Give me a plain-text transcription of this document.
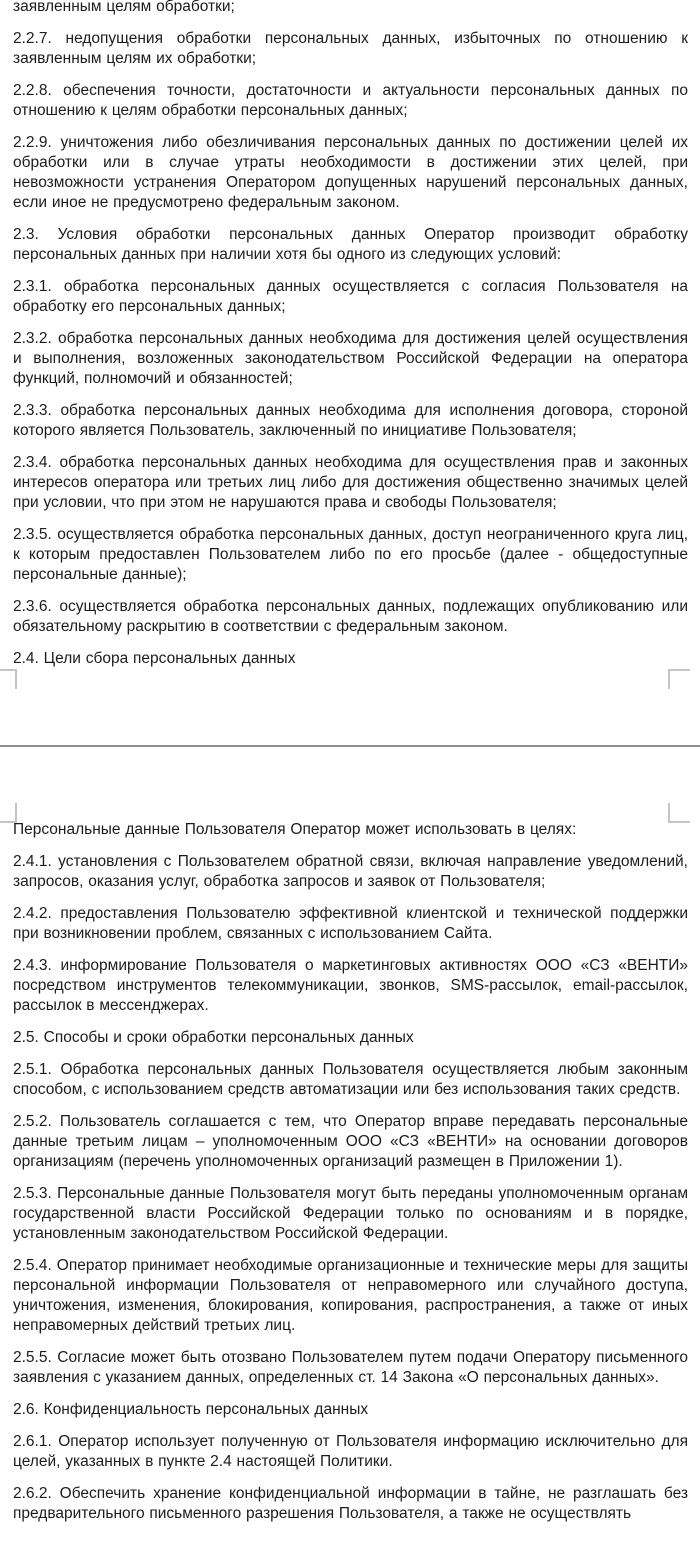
заявленным целям обработки;

2.2.7. недопущения обработки персональных данных, избыточных по отношению к заявленным целям их обработки;

2.2.8. обеспечения точности, достаточности и актуальности персональных данных по отношению к целям обработки персональных данных;

2.2.9. уничтожения либо обезличивания персональных данных по достижении целей их обработки или в случае утраты необходимости в достижении этих целей, при невозможности устранения Оператором допущенных нарушений персональных данных, если иное не предусмотрено федеральным законом.

2.3. Условия обработки персональных данных Оператор производит обработку персональных данных при наличии хотя бы одного из следующих условий:

2.3.1. обработка персональных данных осуществляется с согласия Пользователя на обработку его персональных данных;

2.3.2. обработка персональных данных необходима для достижения целей осуществления и выполнения, возложенных законодательством Российской Федерации на оператора функций, полномочий и обязанностей;

2.3.3. обработка персональных данных необходима для исполнения договора, стороной которого является Пользователь, заключенный по инициативе Пользователя;

2.3.4. обработка персональных данных необходима для осуществления прав и законных интересов оператора или третьих лиц либо для достижения общественно значимых целей при условии, что при этом не нарушаются права и свободы Пользователя;

2.3.5. осуществляется обработка персональных данных, доступ неограниченного круга лиц, к которым предоставлен Пользователем либо по его просьбе (далее - общедоступные персональные данные);

2.3.6. осуществляется обработка персональных данных, подлежащих опубликованию или обязательному раскрытию в соответствии с федеральным законом.

2.4. Цели сбора персональных данных

Персональные данные Пользователя Оператор может использовать в целях:

2.4.1. установления с Пользователем обратной связи, включая направление уведомлений, запросов, оказания услуг, обработка запросов и заявок от Пользователя;

2.4.2. предоставления Пользователю эффективной клиентской и технической поддержки при возникновении проблем, связанных с использованием Сайта.

2.4.3. информирование Пользователя о маркетинговых активностях ООО «СЗ «ВЕНТИ» посредством инструментов телекоммуникации, звонков, SMS-рассылок, email-рассылок, рассылок в мессенджерах.

2.5. Способы и сроки обработки персональных данных

2.5.1. Обработка персональных данных Пользователя осуществляется любым законным способом, с использованием средств автоматизации или без использования таких средств.

2.5.2. Пользователь соглашается с тем, что Оператор вправе передавать персональные данные третьим лицам – уполномоченным ООО «СЗ «ВЕНТИ» на основании договоров организациям (перечень уполномоченных организаций размещен в Приложении 1).

2.5.3. Персональные данные Пользователя могут быть переданы уполномоченным органам государственной власти Российской Федерации только по основаниям и в порядке, установленным законодательством Российской Федерации.

2.5.4. Оператор принимает необходимые организационные и технические меры для защиты персональной информации Пользователя от неправомерного или случайного доступа, уничтожения, изменения, блокирования, копирования, распространения, а также от иных неправомерных действий третьих лиц.

2.5.5. Согласие может быть отозвано Пользователем путем подачи Оператору письменного заявления с указанием данных, определенных ст. 14 Закона «О персональных данных».

2.6. Конфиденциальность персональных данных

2.6.1. Оператор использует полученную от Пользователя информацию исключительно для целей, указанных в пункте 2.4 настоящей Политики.

2.6.2. Обеспечить хранение конфиденциальной информации в тайне, не разглашать без предварительного письменного разрешения Пользователя, а также не осуществлять
